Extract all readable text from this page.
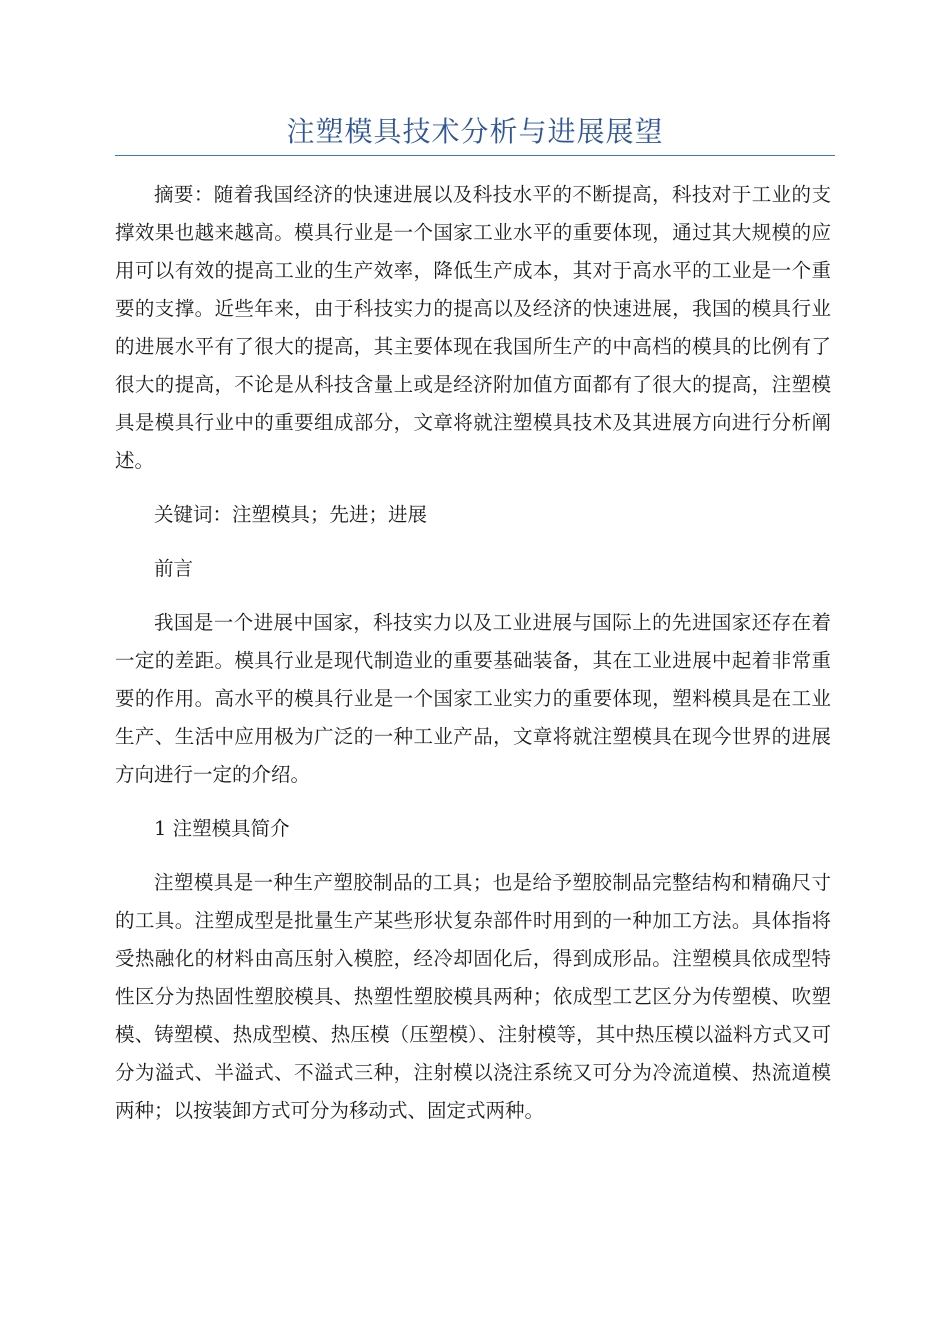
注塑模具技术分析与进展展望

摘要：随着我国经济的快速进展以及科技水平的不断提高，科技对于工业的支撑效果也越来越高。模具行业是一个国家工业水平的重要体现，通过其大规模的应用可以有效的提高工业的生产效率，降低生产成本，其对于高水平的工业是一个重要的支撑。近些年来，由于科技实力的提高以及经济的快速进展，我国的模具行业的进展水平有了很大的提高，其主要体现在我国所生产的中高档的模具的比例有了很大的提高，不论是从科技含量上或是经济附加值方面都有了很大的提高，注塑模具是模具行业中的重要组成部分，文章将就注塑模具技术及其进展方向进行分析阐述。

关键词：注塑模具；先进；进展

前言

我国是一个进展中国家，科技实力以及工业进展与国际上的先进国家还存在着一定的差距。模具行业是现代制造业的重要基础装备，其在工业进展中起着非常重要的作用。高水平的模具行业是一个国家工业实力的重要体现，塑料模具是在工业生产、生活中应用极为广泛的一种工业产品，文章将就注塑模具在现今世界的进展方向进行一定的介绍。

1 注塑模具简介

注塑模具是一种生产塑胶制品的工具；也是给予塑胶制品完整结构和精确尺寸的工具。注塑成型是批量生产某些形状复杂部件时用到的一种加工方法。具体指将受热融化的材料由高压射入模腔，经冷却固化后，得到成形品。注塑模具依成型特性区分为热固性塑胶模具、热塑性塑胶模具两种；依成型工艺区分为传塑模、吹塑模、铸塑模、热成型模、热压模（压塑模）、注射模等，其中热压模以溢料方式又可分为溢式、半溢式、不溢式三种，注射模以浇注系统又可分为冷流道模、热流道模两种；以按装卸方式可分为移动式、固定式两种。
